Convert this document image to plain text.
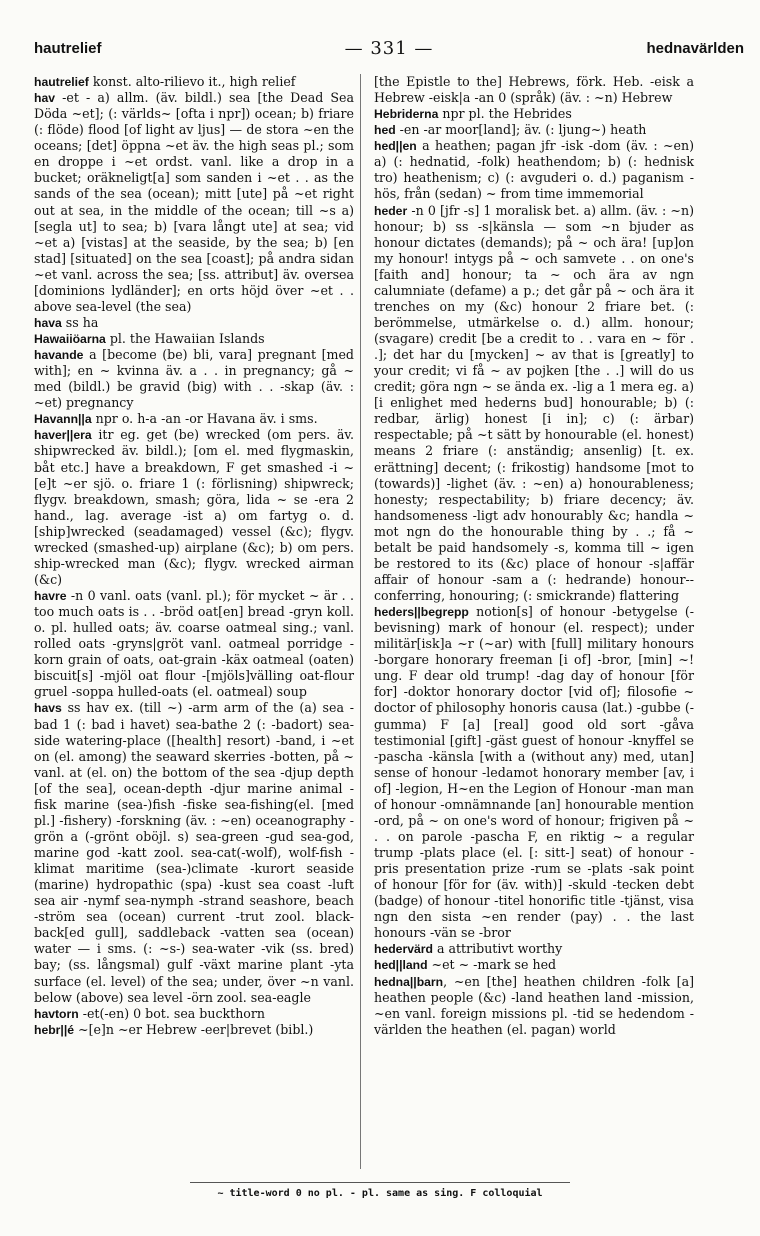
hautrelief	— 331 —	hednavärlden

hautrelief konst. alto-rilievo it., high relief

hav -et - a) allm. (äv. bildl.) sea [the Dead Sea Döda ~et]; (: världs~ [ofta i npr]) ocean; b) friare (: flöde) flood [of light av ljus] — de stora ~en the oceans; [det] öppna ~et äv. the high seas pl.; som en droppe i ~et ordst. vanl. like a drop in a bucket; oräkneligt[a] som sanden i ~et . . as the sands of the sea (ocean); mitt [ute] på ~et right out at sea, in the middle of the ocean; till ~s a) [segla ut] to sea; b) [vara långt ute] at sea; vid ~et a) [vistas] at the seaside, by the sea; b) [en stad] [situated] on the sea [coast]; på andra sidan ~et vanl. across the sea; [ss. attribut] äv. oversea [dominions lydländer]; en orts höjd över ~et . . above sea-level (the sea)

hava ss ha

Hawaiiöarna pl. the Hawaiian Islands

havande a [become (be) bli, vara] pregnant [med with]; en ~ kvinna äv. a . . in pregnancy; gå ~ med (bildl.) be gravid (big) with . . -skap (äv. : ~et) pregnancy

Havann||a npr o. h-a -an -or Havana äv. i sms.

haver||era itr eg. get (be) wrecked (om pers. äv. shipwrecked äv. bildl.); [om el. med flygmaskin, båt etc.] have a breakdown, F get smashed -i ~[e]t ~er sjö. o. friare 1 (: förlisning) shipwreck; flygv. breakdown, smash; göra, lida ~ se -era 2 hand., lag. average -ist a) om fartyg o. d. [ship]wrecked (seadamaged) vessel (&c); flygv. wrecked (smashed-up) airplane (&c); b) om pers. ship-wrecked man (&c); flygv. wrecked airman (&c)

havre -n 0 vanl. oats (vanl. pl.); för mycket ~ är . . too much oats is . . -bröd oat[en] bread -gryn koll. o. pl. hulled oats; äv. coarse oatmeal sing.; vanl. rolled oats -gryns|gröt vanl. oatmeal porridge -korn grain of oats, oat-grain -käx oatmeal (oaten) biscuit[s] -mjöl oat flour -[mjöls]välling oat-flour gruel -soppa hulled-oats (el. oatmeal) soup

havs ss hav ex. (till ~) -arm arm of the (a) sea -bad 1 (: bad i havet) sea-bathe 2 (: -badort) sea-side watering-place ([health] resort) -band, i ~et on (el. among) the seaward skerries -botten, på ~ vanl. at (el. on) the bottom of the sea -djup depth [of the sea], ocean-depth -djur marine animal -fisk marine (sea-)fish -fiske sea-fishing(el. [med pl.] -fishery) -forskning (äv. : ~en) oceanography -grön a (-grönt oböjl. s) sea-green -gud sea-god, marine god -katt zool. sea-cat(-wolf), wolf-fish -klimat maritime (sea-)climate -kurort seaside (marine) hydropathic (spa) -kust sea coast -luft sea air -nymf sea-nymph -strand seashore, beach -ström sea (ocean) current -trut zool. black-back[ed gull], saddleback -vatten sea (ocean) water — i sms. (: ~s-) sea-water -vik (ss. bred) bay; (ss. långsmal) gulf -växt marine plant -yta surface (el. level) of the sea; under, över ~n vanl. below (above) sea level -örn zool. sea-eagle

havtorn -et(-en) 0 bot. sea buckthorn

hebr||é ~[e]n ~er Hebrew -eer|brevet (bibl.)

[the Epistle to the] Hebrews, förk. Heb. -eisk a Hebrew -eisk|a -an 0 (språk) (äv. : ~n) Hebrew

Hebriderna npr pl. the Hebrides

hed -en -ar moor[land]; äv. (: ljung~) heath

hed||en a heathen; pagan jfr -isk -dom (äv. : ~en) a) (: hednatid, -folk) heathendom; b) (: hednisk tro) heathenism; c) (: avguderi o. d.) paganism -hös, från (sedan) ~ from time immemorial

heder -n 0 [jfr -s] 1 moralisk bet. a) allm. (äv. : ~n) honour; b) ss -s|känsla — som ~n bjuder as honour dictates (demands); på ~ och ära! [up]on my honour! intygs på ~ och samvete . . on one's [faith and] honour; ta ~ och ära av ngn calumniate (defame) a p.; det går på ~ och ära it trenches on my (&c) honour 2 friare bet. (: berömmelse, utmärkelse o. d.) allm. honour; (svagare) credit [be a credit to . . vara en ~ för . .]; det har du [mycken] ~ av that is [greatly] to your credit; vi få ~ av pojken [the . .] will do us credit; göra ngn ~ se ända ex. -lig a 1 mera eg. a) [i enlighet med hederns bud] honourable; b) (: redbar, ärlig) honest [i in]; c) (: ärbar) respectable; på ~t sätt by honourable (el. honest) means 2 friare (: anständig; ansenlig) [t. ex. erättning] decent; (: frikostig) handsome [mot to (towards)] -lighet (äv. : ~en) a) honourableness; honesty; respectability; b) friare decency; äv. handsomeness -ligt adv honourably &c; handla ~ mot ngn do the honourable thing by . .; få ~ betalt be paid handsomely -s, komma till ~ igen be restored to its (&c) place of honour -s|affär affair of honour -sam a (: hedrande) honour--conferring, honouring; (: smickrande) flattering

heders||begrepp notion[s] of honour -betygelse (-bevisning) mark of honour (el. respect); under militär[isk]a ~r (~ar) with [full] military honours -borgare honorary freeman [i of] -bror, [min] ~! ung. F dear old trump! -dag day of honour [för for] -doktor honorary doctor [vid of]; filosofie ~ doctor of philosophy honoris causa (lat.) -gubbe (-gumma) F [a] [real] good old sort -gåva testimonial [gift] -gäst guest of honour -knyffel se -pascha -känsla [with a (without any) med, utan] sense of honour -ledamot honorary member [av, i of] -legion, H~en the Legion of Honour -man man of honour -omnämnande [an] honourable mention -ord, på ~ on one's word of honour; frigiven på ~ . . on parole -pascha F, en riktig ~ a regular trump -plats place (el. [: sitt-] seat) of honour -pris presentation prize -rum se -plats -sak point of honour [för for (äv. with)] -skuld -tecken debt (badge) of honour -titel honorific title -tjänst, visa ngn den sista ~en render (pay) . . the last honours -vän se -bror

hedervärd a attributivt worthy

hed||land ~et ~ -mark se hed

hedna||barn, ~en [the] heathen children -folk [a] heathen people (&c) -land heathen land -mission, ~en vanl. foreign missions pl. -tid se hedendom -världen the heathen (el. pagan) world

~ title-word 0 no pl. - pl. same as sing. F colloquial
